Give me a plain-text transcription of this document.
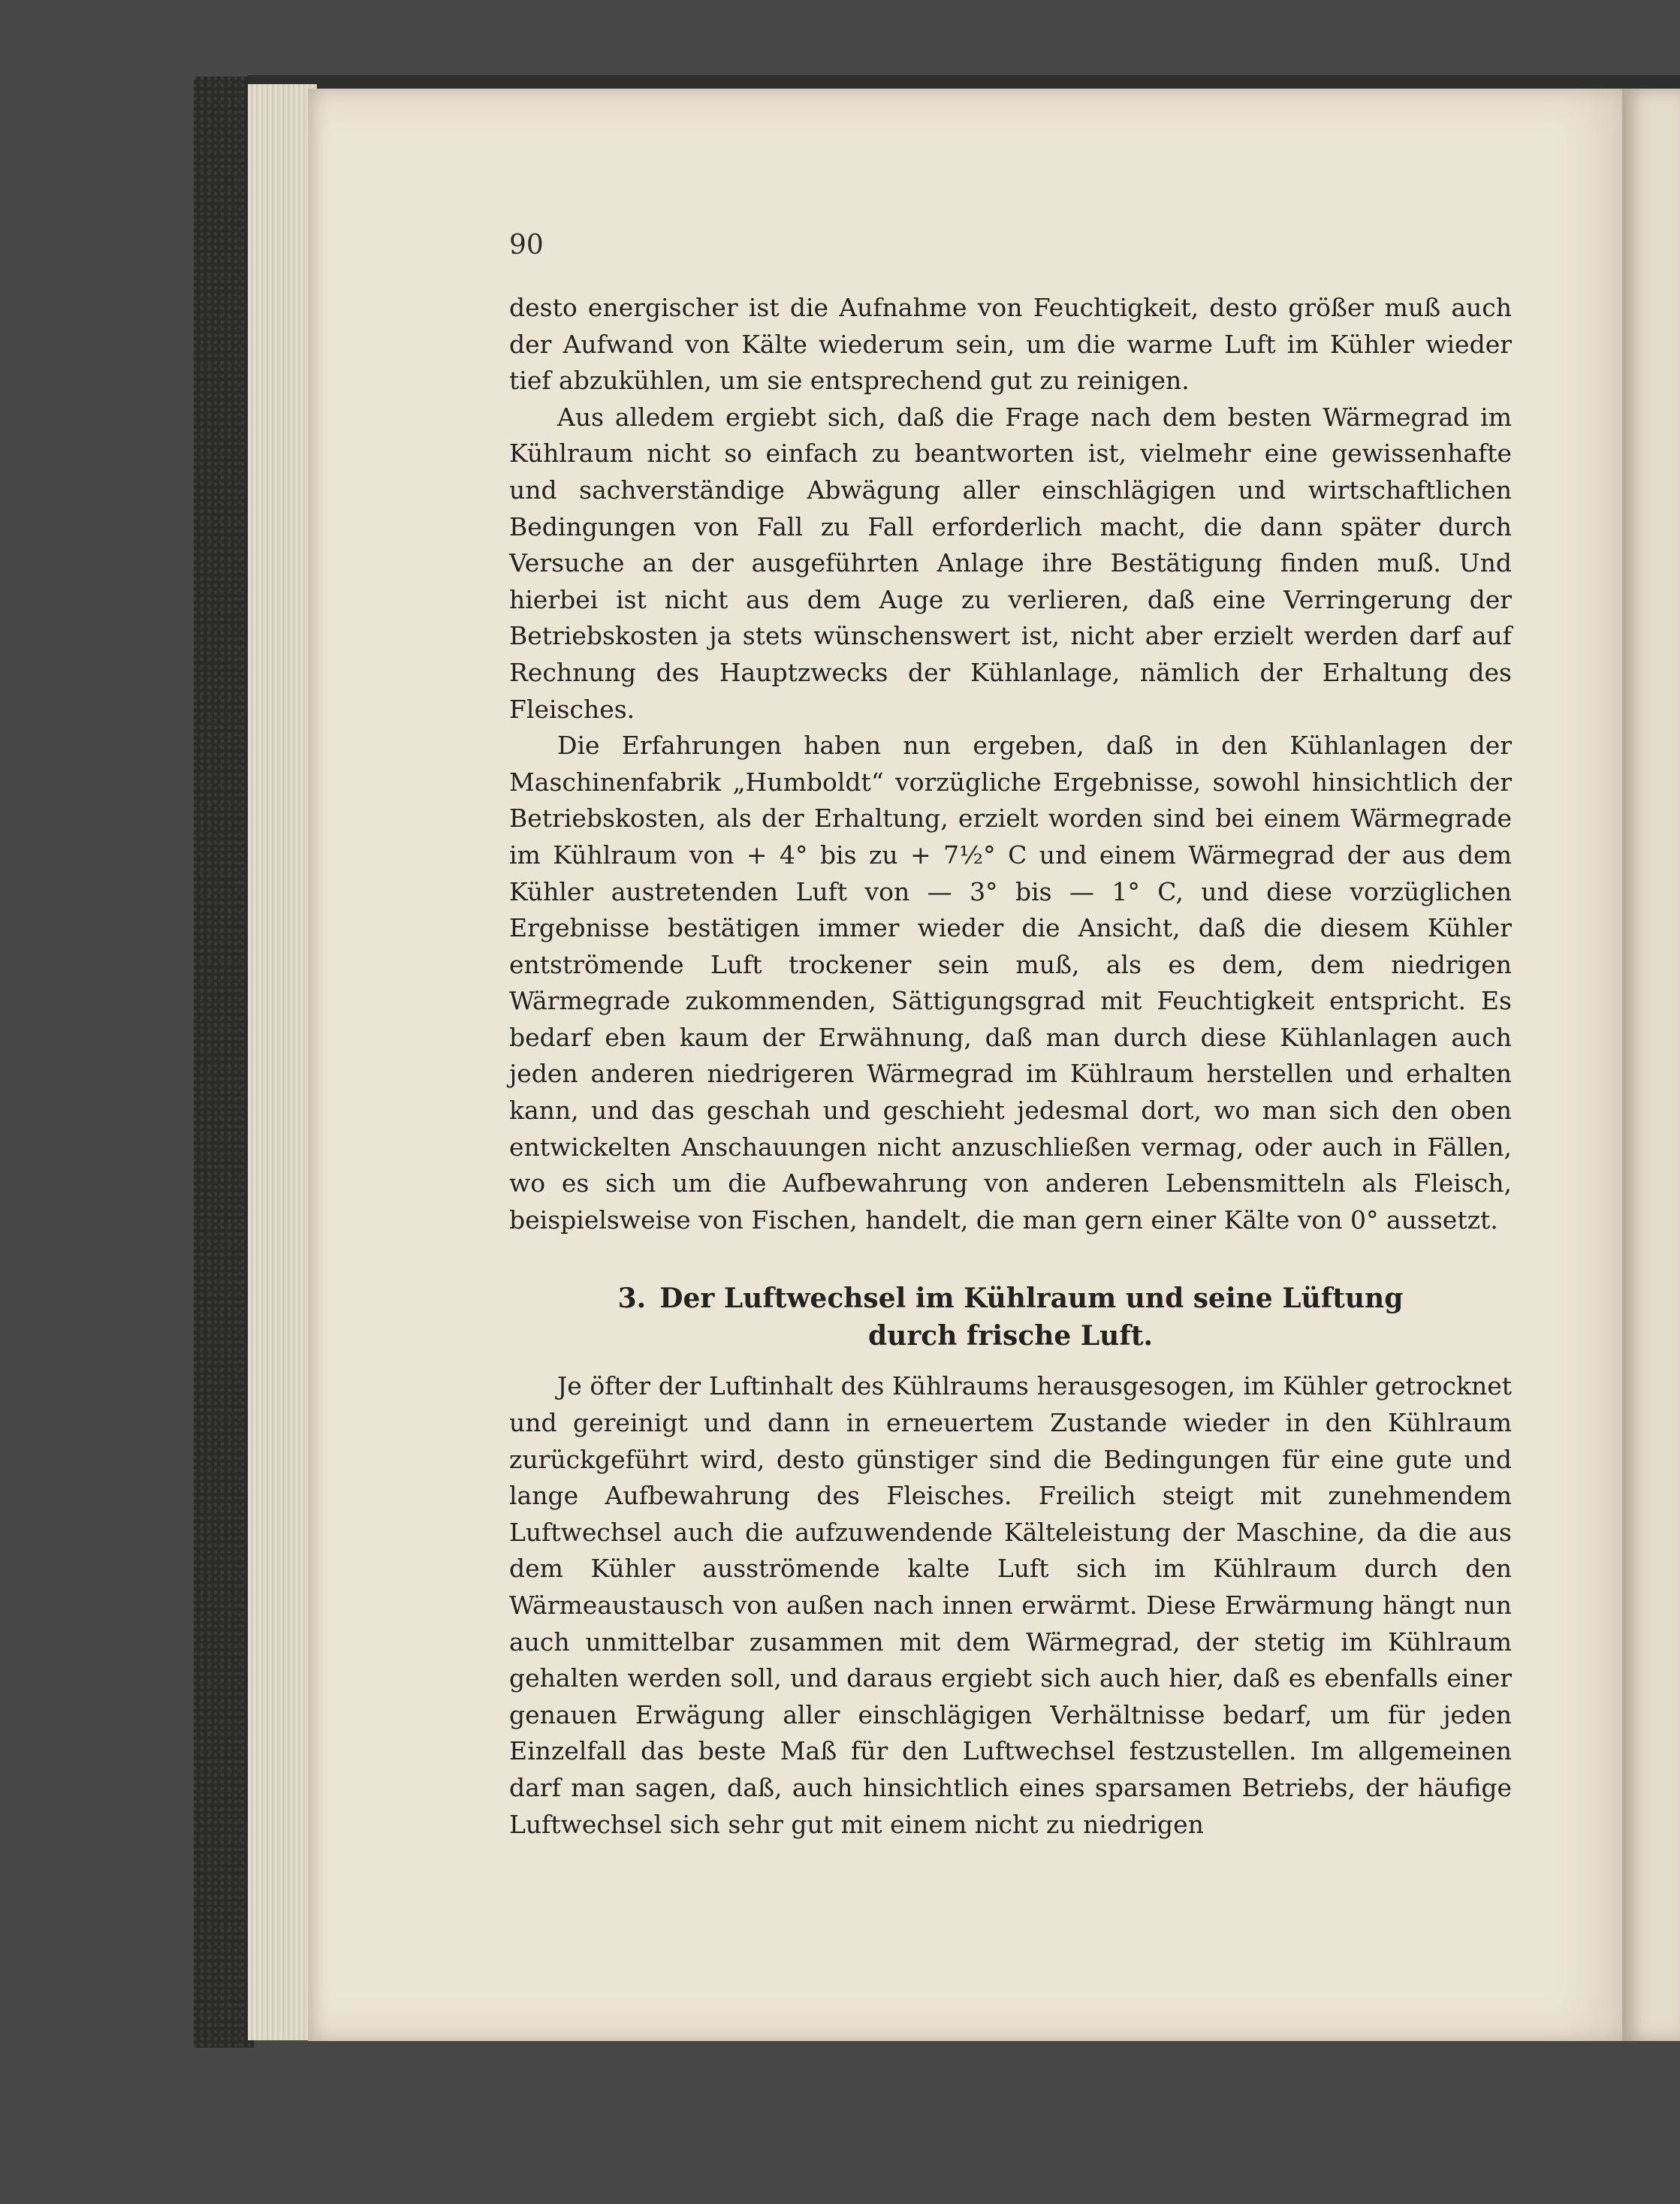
90

desto energischer ist die Aufnahme von Feuchtigkeit, desto größer muß auch der Aufwand von Kälte wiederum sein, um die warme Luft im Kühler wieder tief abzukühlen, um sie entsprechend gut zu reinigen.

Aus alledem ergiebt sich, daß die Frage nach dem besten Wärmegrad im Kühlraum nicht so einfach zu beantworten ist, vielmehr eine gewissenhafte und sachverständige Abwägung aller einschlägigen und wirtschaftlichen Bedingungen von Fall zu Fall erforderlich macht, die dann später durch Versuche an der ausgeführten Anlage ihre Bestätigung finden muß. Und hierbei ist nicht aus dem Auge zu verlieren, daß eine Verringerung der Betriebskosten ja stets wünschenswert ist, nicht aber erzielt werden darf auf Rechnung des Hauptzwecks der Kühlanlage, nämlich der Erhaltung des Fleisches.

Die Erfahrungen haben nun ergeben, daß in den Kühlanlagen der Maschinenfabrik „Humboldt“ vorzügliche Ergebnisse, sowohl hinsichtlich der Betriebskosten, als der Erhaltung, erzielt worden sind bei einem Wärmegrade im Kühlraum von + 4° bis zu + 7½° C und einem Wärmegrad der aus dem Kühler austretenden Luft von — 3° bis — 1° C, und diese vorzüglichen Ergebnisse bestätigen immer wieder die Ansicht, daß die diesem Kühler entströmende Luft trockener sein muß, als es dem, dem niedrigen Wärmegrade zukommenden, Sättigungsgrad mit Feuchtigkeit entspricht. Es bedarf eben kaum der Erwähnung, daß man durch diese Kühlanlagen auch jeden anderen niedrigeren Wärmegrad im Kühlraum herstellen und erhalten kann, und das geschah und geschieht jedesmal dort, wo man sich den oben entwickelten Anschauungen nicht anzuschließen vermag, oder auch in Fällen, wo es sich um die Aufbewahrung von anderen Lebensmitteln als Fleisch, beispielsweise von Fischen, handelt, die man gern einer Kälte von 0° aussetzt.

3. Der Luftwechsel im Kühlraum und seine Lüftung
durch frische Luft.

Je öfter der Luftinhalt des Kühlraums herausgesogen, im Kühler getrocknet und gereinigt und dann in erneuertem Zustande wieder in den Kühlraum zurückgeführt wird, desto günstiger sind die Bedingungen für eine gute und lange Aufbewahrung des Fleisches. Freilich steigt mit zunehmendem Luftwechsel auch die aufzuwendende Kälteleistung der Maschine, da die aus dem Kühler ausströmende kalte Luft sich im Kühlraum durch den Wärmeaustausch von außen nach innen erwärmt. Diese Erwärmung hängt nun auch unmittelbar zusammen mit dem Wärmegrad, der stetig im Kühlraum gehalten werden soll, und daraus ergiebt sich auch hier, daß es ebenfalls einer genauen Erwägung aller einschlägigen Verhältnisse bedarf, um für jeden Einzelfall das beste Maß für den Luftwechsel festzustellen. Im allgemeinen darf man sagen, daß, auch hinsichtlich eines sparsamen Betriebs, der häufige Luftwechsel sich sehr gut mit einem nicht zu niedrigen
